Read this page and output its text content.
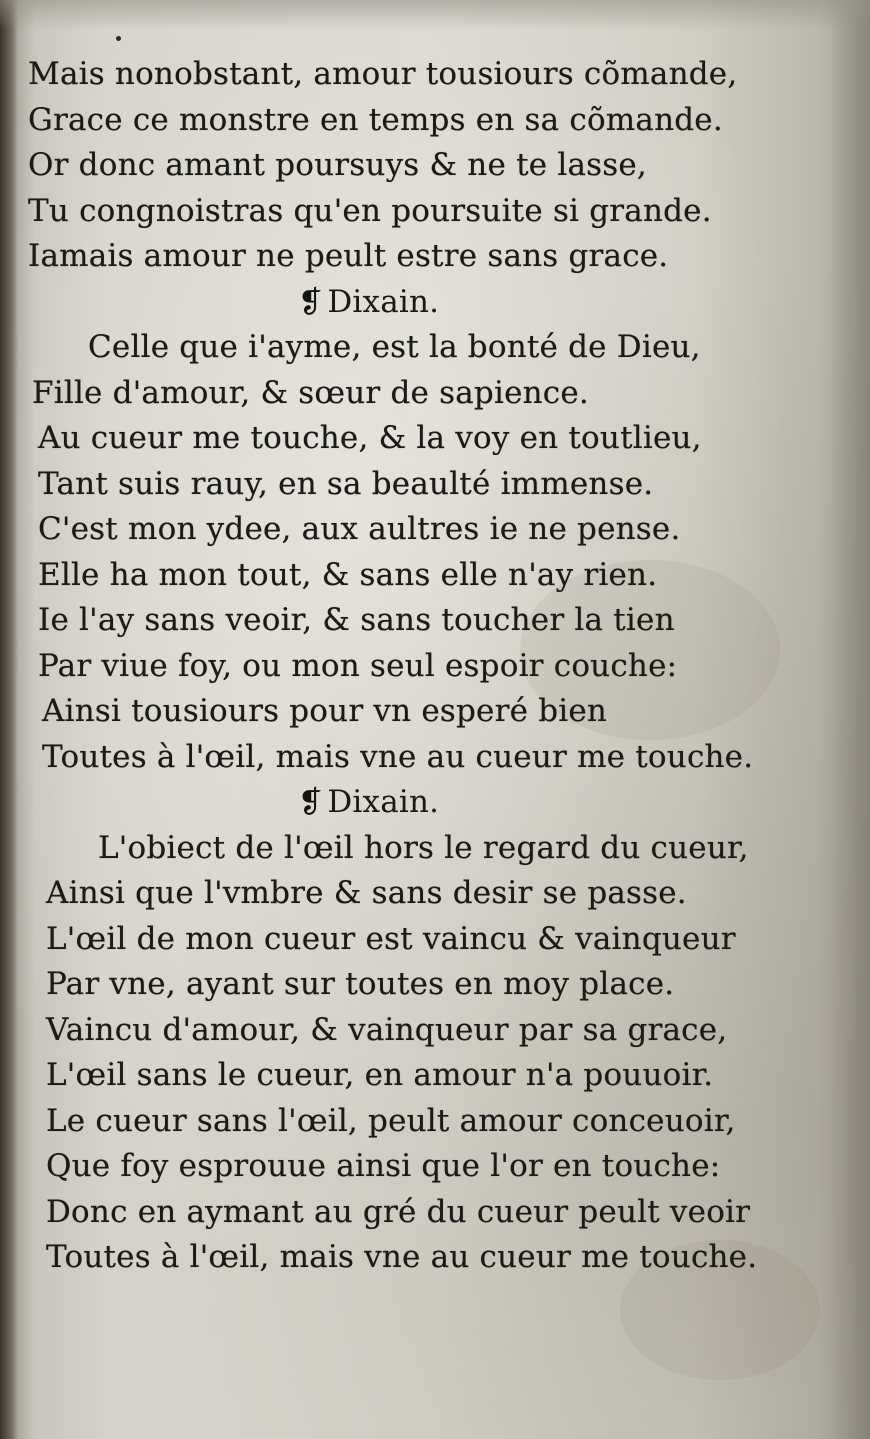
Mais nonobstant, amour tousiours cõmande,
Grace ce monstre en temps en sa cõmande.
Or donc amant poursuys & ne te lasse,
Tu congnoistras qu'en poursuite si grande.
Iamais amour ne peult estre sans grace.
❡ Dixain.
Celle que i'ayme, est la bonté de Dieu,
Fille d'amour, & sœur de sapience.
Au cueur me touche, & la voy en toutlieu,
Tant suis rauy, en sa beaulté immense.
C'est mon ydee, aux aultres ie ne pense.
Elle ha mon tout, & sans elle n'ay rien.
Ie l'ay sans veoir, & sans toucher la tien
Par viue foy, ou mon seul espoir couche:
Ainsi tousiours pour vn esperé bien
Toutes à l'œil, mais vne au cueur me touche.
❡ Dixain.
L'obiect de l'œil hors le regard du cueur,
Ainsi que l'vmbre & sans desir se passe.
L'œil de mon cueur est vaincu & vainqueur
Par vne, ayant sur toutes en moy place.
Vaincu d'amour, & vainqueur par sa grace,
L'œil sans le cueur, en amour n'a pouuoir.
Le cueur sans l'œil, peult amour conceuoir,
Que foy esprouue ainsi que l'or en touche:
Donc en aymant au gré du cueur peult veoir
Toutes à l'œil, mais vne au cueur me touche.
